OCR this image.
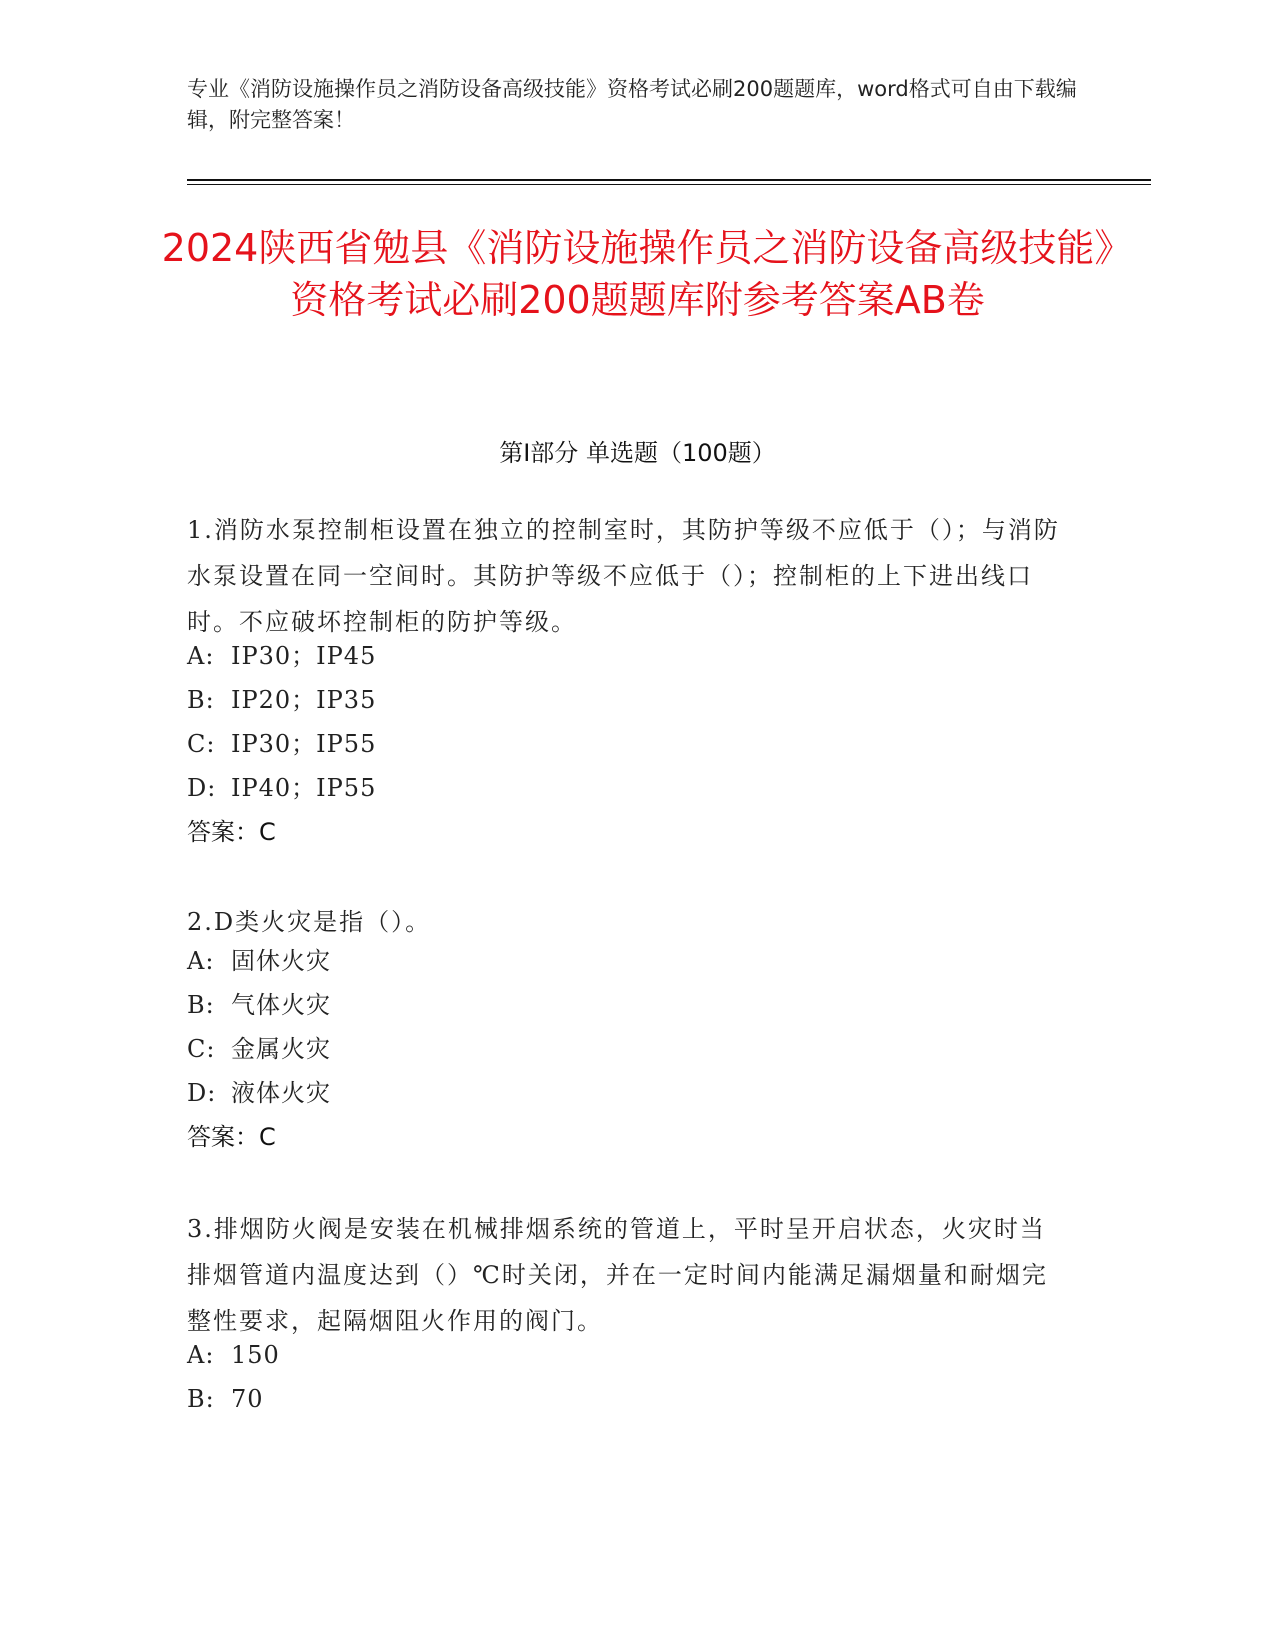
专业《消防设施操作员之消防设备高级技能》资格考试必刷200题题库，word格式可自由下载编辑，附完整答案！
2024陕西省勉县《消防设施操作员之消防设备高级技能》资格考试必刷200题题库附参考答案AB卷
第Ⅰ部分 单选题（100题）
1.消防水泵控制柜设置在独立的控制室时，其防护等级不应低于（）；与消防水泵设置在同一空间时。其防护等级不应低于（）；控制柜的上下进出线口时。不应破坏控制柜的防护等级。
A: IP30；IP45
B: IP20；IP35
C: IP30；IP55
D: IP40；IP55
答案：C
2.D类火灾是指（）。
A: 固休火灾
B: 气体火灾
C: 金属火灾
D: 液体火灾
答案：C
3.排烟防火阀是安装在机械排烟系统的管道上，平时呈开启状态，火灾时当排烟管道内温度达到（）℃时关闭，并在一定时间内能满足漏烟量和耐烟完整性要求，起隔烟阻火作用的阀门。
A: 150
B: 70
